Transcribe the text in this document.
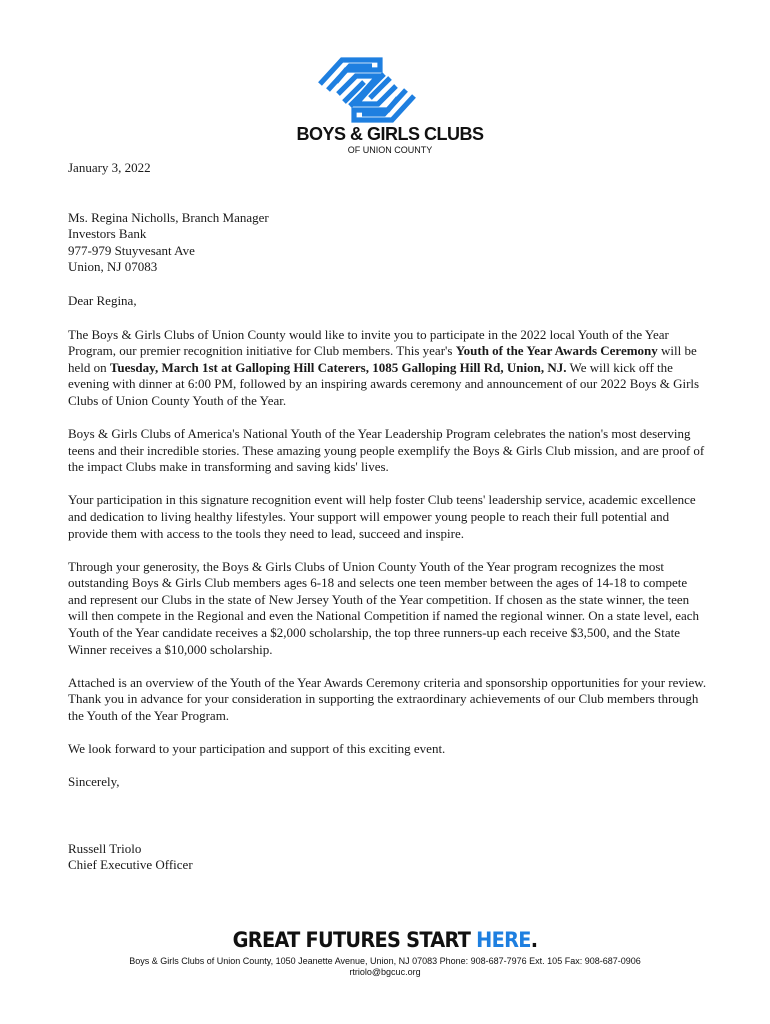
BOYS & GIRLS CLUBS
OF UNION COUNTY

January 3, 2022

Ms. Regina Nicholls, Branch Manager

Investors Bank

977-979 Stuyvesant Ave

Union, NJ 07083

Dear Regina,

The Boys & Girls Clubs of Union County would like to invite you to participate in the 2022 local Youth of the Year Program, our premier recognition initiative for Club members. This year's Youth of the Year Awards Ceremony will be held on Tuesday, March 1st at Galloping Hill Caterers, 1085 Galloping Hill Rd, Union, NJ. We will kick off the evening with dinner at 6:00 PM, followed by an inspiring awards ceremony and announcement of our 2022 Boys & Girls Clubs of Union County Youth of the Year.

Boys & Girls Clubs of America's National Youth of the Year Leadership Program celebrates the nation's most deserving teens and their incredible stories. These amazing young people exemplify the Boys & Girls Club mission, and are proof of the impact Clubs make in transforming and saving kids' lives.

Your participation in this signature recognition event will help foster Club teens' leadership service, academic excellence and dedication to living healthy lifestyles. Your support will empower young people to reach their full potential and provide them with access to the tools they need to lead, succeed and inspire.

Through your generosity, the Boys & Girls Clubs of Union County Youth of the Year program recognizes the most outstanding Boys & Girls Club members ages 6-18 and selects one teen member between the ages of 14-18 to compete and represent our Clubs in the state of New Jersey Youth of the Year competition. If chosen as the state winner, the teen will then compete in the Regional and even the National Competition if named the regional winner. On a state level, each Youth of the Year candidate receives a $2,000 scholarship, the top three runners-up each receive $3,500, and the State Winner receives a $10,000 scholarship.

Attached is an overview of the Youth of the Year Awards Ceremony criteria and sponsorship opportunities for your review. Thank you in advance for your consideration in supporting the extraordinary achievements of our Club members through the Youth of the Year Program.

We look forward to your participation and support of this exciting event.

Sincerely,

Russell Triolo

Chief Executive Officer

GREAT FUTURES START HERE.
Boys & Girls Clubs of Union County, 1050 Jeanette Avenue, Union, NJ 07083 Phone: 908-687-7976 Ext. 105 Fax: 908-687-0906
rtriolo@bgcuc.org
